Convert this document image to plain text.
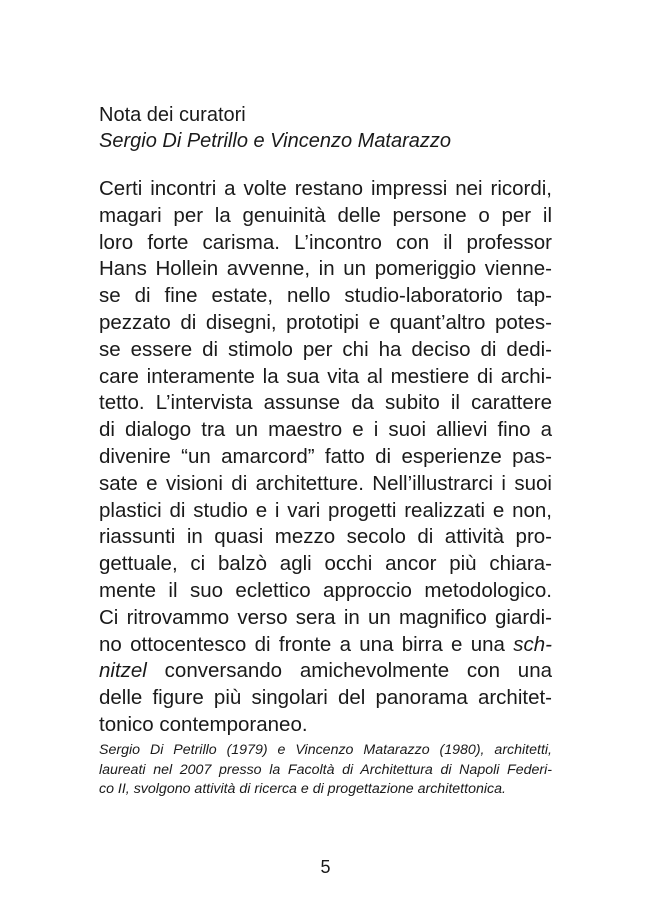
Nota dei curatori
Sergio Di Petrillo e Vincenzo Matarazzo
Certi incontri a volte restano impressi nei ricordi,
magari per la genuinità delle persone o per il
loro forte carisma. L’incontro con il professor
Hans Hollein avvenne, in un pomeriggio vienne-
se di fine estate, nello studio-laboratorio tap-
pezzato di disegni, prototipi e quant’altro potes-
se essere di stimolo per chi ha deciso di dedi-
care interamente la sua vita al mestiere di archi-
tetto. L’intervista assunse da subito il carattere
di dialogo tra un maestro e i suoi allievi fino a
divenire “un amarcord” fatto di esperienze pas-
sate e visioni di architetture. Nell’illustrarci i suoi
plastici di studio e i vari progetti realizzati e non,
riassunti in quasi mezzo secolo di attività pro-
gettuale, ci balzò agli occhi ancor più chiara-
mente il suo eclettico approccio metodologico.
Ci ritrovammo verso sera in un magnifico giardi-
no ottocentesco di fronte a una birra e una sch-
nitzel conversando amichevolmente con una
delle figure più singolari del panorama architet-
tonico contemporaneo.
Sergio Di Petrillo (1979) e Vincenzo Matarazzo (1980), architetti,
laureati nel 2007 presso la Facoltà di Architettura di Napoli Federi-
co II, svolgono attività di ricerca e di progettazione architettonica.
5
